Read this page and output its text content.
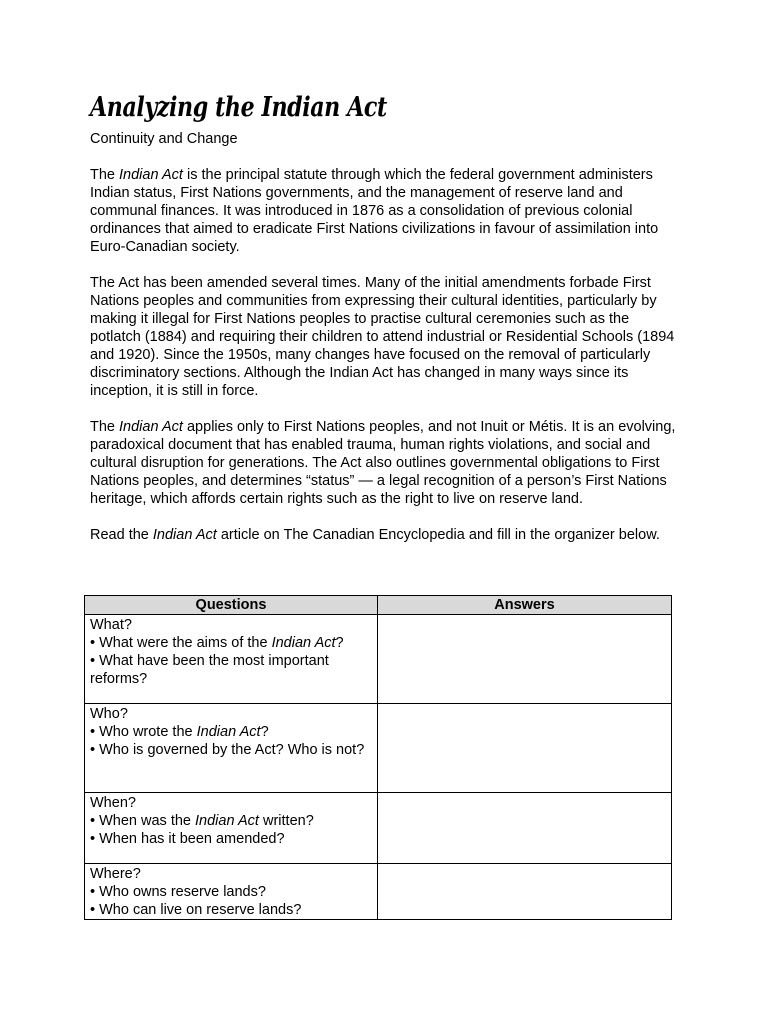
Analyzing the Indian Act

Continuity and Change

The Indian Act is the principal statute through which the federal government administers Indian status, First Nations governments, and the management of reserve land and communal finances. It was introduced in 1876 as a consolidation of previous colonial ordinances that aimed to eradicate First Nations civilizations in favour of assimilation into Euro-Canadian society.

The Act has been amended several times. Many of the initial amendments forbade First Nations peoples and communities from expressing their cultural identities, particularly by making it illegal for First Nations peoples to practise cultural ceremonies such as the potlatch (1884) and requiring their children to attend industrial or Residential Schools (1894 and 1920). Since the 1950s, many changes have focused on the removal of particularly discriminatory sections. Although the Indian Act has changed in many ways since its inception, it is still in force.

The Indian Act applies only to First Nations peoples, and not Inuit or Métis. It is an evolving, paradoxical document that has enabled trauma, human rights violations, and social and cultural disruption for generations. The Act also outlines governmental obligations to First Nations peoples, and determines “status” — a legal recognition of a person’s First Nations heritage, which affords certain rights such as the right to live on reserve land.

Read the Indian Act article on The Canadian Encyclopedia and fill in the organizer below.

Questions	Answers

What?
• What were the aims of the Indian Act?
• What have been the most important reforms?	

Who?
• Who wrote the Indian Act?
• Who is governed by the Act? Who is not?	

When?
• When was the Indian Act written?
• When has it been amended?	

Where?
• Who owns reserve lands?
• Who can live on reserve lands?	
